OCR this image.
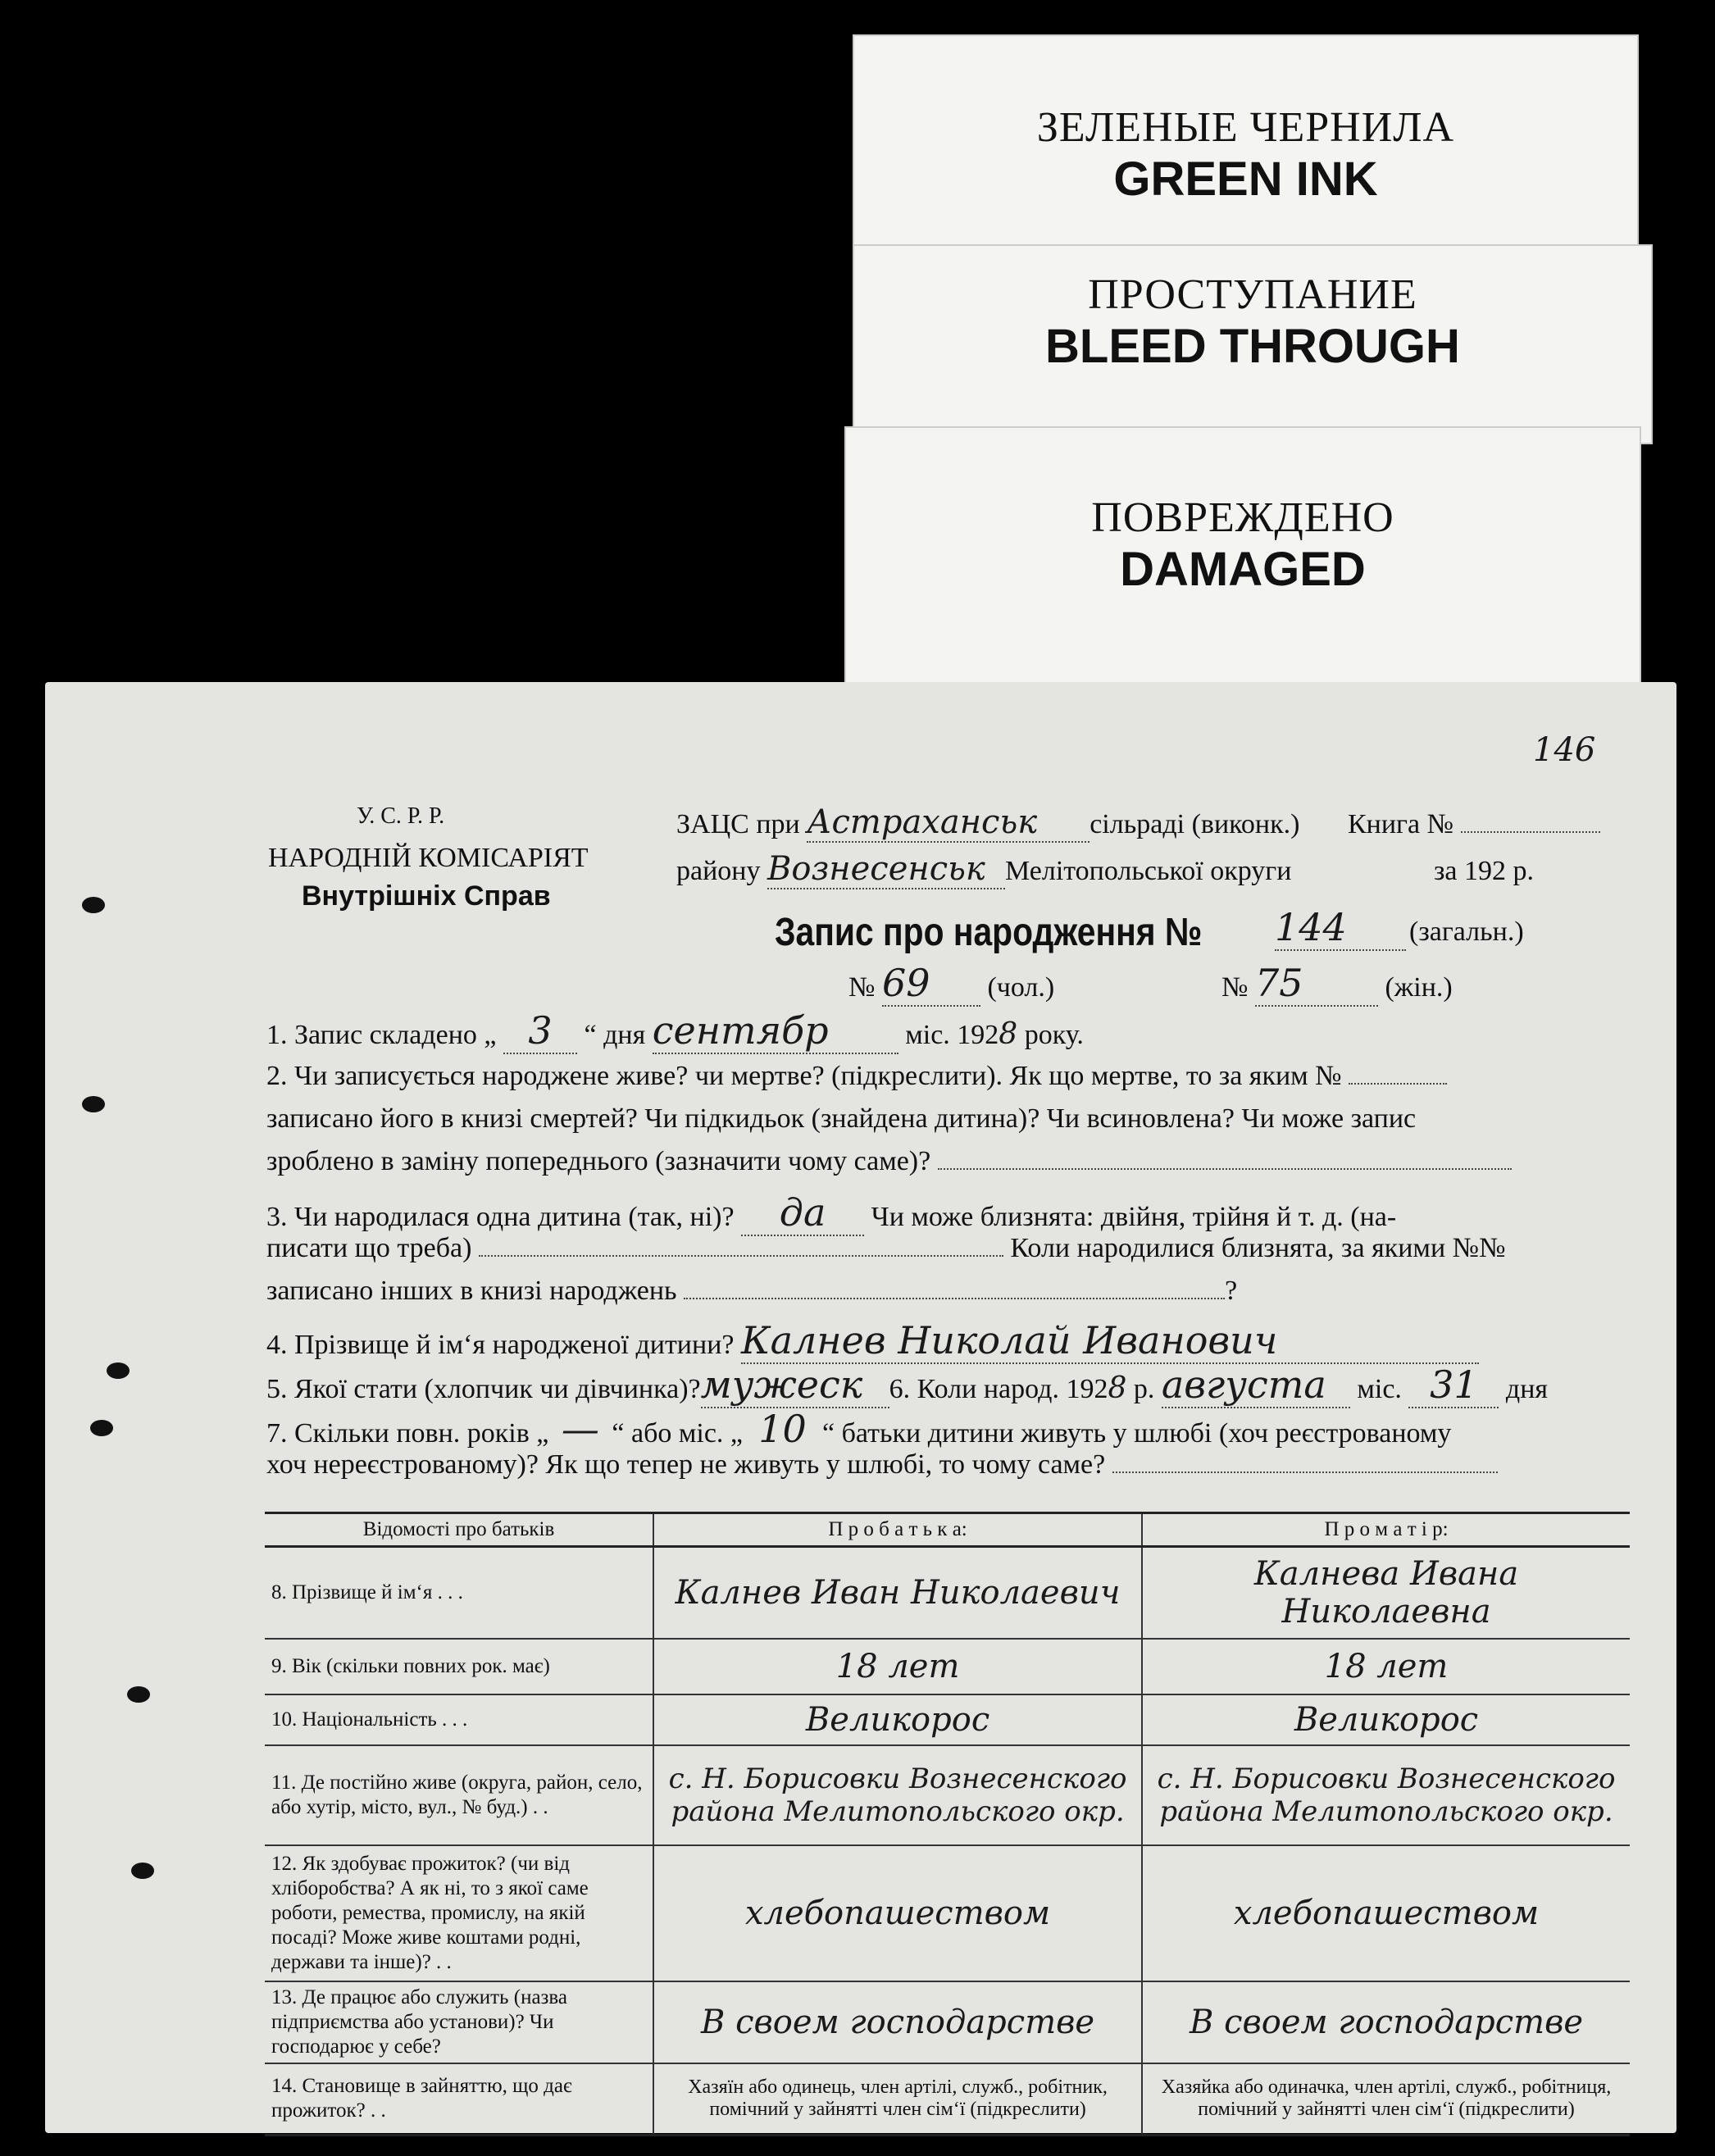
ЗЕЛЕНЫЕ ЧЕРНИЛА
GREEN INK
ПРОСТУПАНИЕ
BLEED THROUGH
ПОВРЕЖДЕНО
DAMAGED
146
У. С. Р. Р.
НАРОДНІЙ КОМІСАРІЯТ
Внутрішніх Справ
ЗАЦС при Астраханськ сільраді (виконк.) Книга №
району Вознесенськ Мелітопольської округи	за 192 р.
Запис про народження №	144 (загальн.)
№ 69 (чол.)	№ 75	(жін.)
1. Запис складено „ 3 “ дня сентябр	міс. 1928 року.
2. Чи записується народжене живе? чи мертве? (підкреслити). Як що мертве, то за яким №
записано його в книзі смертей? Чи підкидьок (знайдена дитина)? Чи всиновлена? Чи може запис
зроблено в заміну попереднього (зазначити чому саме)?
3. Чи народилася одна дитина (так, ні)? да Чи може близнята: двійня, трійня й т. д. (на-
писати що треба)	Коли народилися близнята, за якими №№
записано інших в книзі народжень	?
4. Прізвище й ім‘я народженої дитини? Калнев Николай Иванович
5. Якої стати (хлопчик чи дівчинка)?мужеск 6. Коли народ. 1928 р. августа міс. 31 дня
7. Скільки повн. років „ — “ або міс. „ 10 “ батьки дитини живуть у шлюбі (хоч реєстрованому
хоч нереєстрованому)? Як що тепер не живуть у шлюбі, то чому саме?
Відомості про батьків	П р о б а т ь к а:	П р о м а т і р:
8. Прізвище й ім‘я . . .	Калнев Иван Николаевич	Калнева Ивана Николаевна
9. Вік (скільки повних рок. має)	18 лет	18 лет
10. Національність . . .	Великорос	Великорос
11. Де постійно живе (округа, район, село, або хутір, місто, вул., № буд.) . .	с. Н. Борисовки Вознесенского района Мелитопольского окр.	с. Н. Борисовки Вознесенского района Мелитопольского окр.
12. Як здобуває прожиток? (чи від хліборобства? А як ні, то з якої саме роботи, ремества, промислу, на якій посаді? Може живе коштами родні, держави та інше)? . .	хлебопашеством	хлебопашеством
13. Де працює або служить (назва підприємства або установи)? Чи господарює у себе?	В своем господарстве	В своем господарстве
14. Становище в зайняттю, що дає прожиток? . .	Хазяїн або одинець, член артілі, служб., робітник, помічний у зайнятті член сім‘ї (підкреслити)	Хазяйка або одиначка, член артілі, служб., робітниця, помічний у зайнятті член сім‘ї (підкреслити)
